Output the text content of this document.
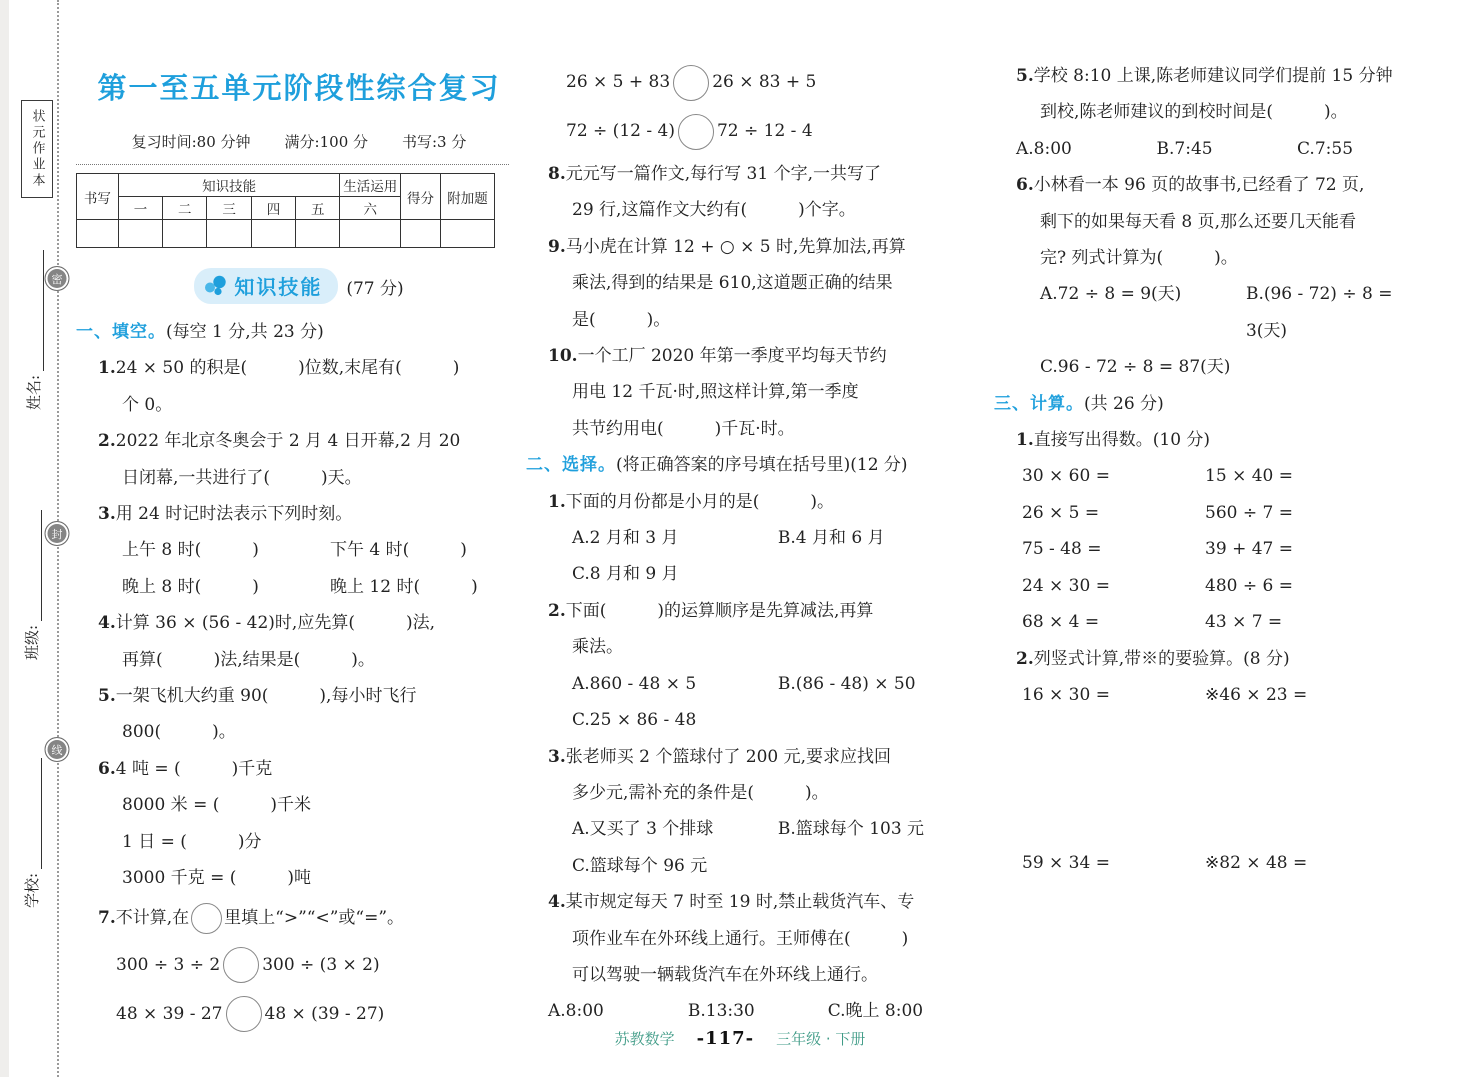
状元作业本
密
封
线
姓名:
班级:
学校:
第一至五单元阶段性综合复习
复习时间:80 分钟 满分:100 分 书写:3 分
书写	知识技能					生活运用	得分	附加题
	一	二	三	四	五	六		

知识技能 (77 分)
一、填空。(每空 1 分,共 23 分)
1.24 × 50 的积是(　　　)位数,末尾有(　　　)
个 0。
2.2022 年北京冬奥会于 2 月 4 日开幕,2 月 20
日闭幕,一共进行了(　　　)天。
3.用 24 时记时法表示下列时刻。
上午 8 时(　　　)	下午 4 时(　　　)
晚上 8 时(　　　)	晚上 12 时(　　　)
4.计算 36 × (56 - 42)时,应先算(　　　)法,
再算(　　　)法,结果是(　　　)。
5.一架飞机大约重 90(　　　),每小时飞行
800(　　　)。
6.4 吨 = (　　　)千克
8000 米 = (　　　)千米
1 日 = (　　　)分
3000 千克 = (　　　)吨
7. 不计算,在 里填上“>”“<”或“=”。
300 ÷ 3 ÷ 2 300 ÷ (3 × 2)
48 × 39 - 27 48 × (39 - 27)
26 × 5 + 83 26 × 83 + 5
72 ÷ (12 - 4) 72 ÷ 12 - 4
8.元元写一篇作文,每行写 31 个字,一共写了
29 行,这篇作文大约有(　　　)个字。
9.马小虎在计算 12 + ○ × 5 时,先算加法,再算
乘法,得到的结果是 610,这道题正确的结果
是(　　　)。
10.一个工厂 2020 年第一季度平均每天节约
用电 12 千瓦·时,照这样计算,第一季度
共节约用电(　　　)千瓦·时。
二、选择。(将正确答案的序号填在括号里)(12 分)
1.下面的月份都是小月的是(　　　)。
A.2 月和 3 月	B.4 月和 6 月
C.8 月和 9 月
2.下面(　　　)的运算顺序是先算减法,再算
乘法。
A.860 - 48 × 5	B.(86 - 48) × 50
C.25 × 86 - 48
3.张老师买 2 个篮球付了 200 元,要求应找回
多少元,需补充的条件是(　　　)。
A.又买了 3 个排球	B.篮球每个 103 元
C.篮球每个 96 元
4.某市规定每天 7 时至 19 时,禁止载货汽车、专
项作业车在外环线上通行。王师傅在(　　　)
可以驾驶一辆载货汽车在外环线上通行。
A.8:00	B.13:30	C.晚上 8:00
5.学校 8:10 上课,陈老师建议同学们提前 15 分钟
到校,陈老师建议的到校时间是(　　　)。
A.8:00	B.7:45	C.7:55
6.小林看一本 96 页的故事书,已经看了 72 页,
剩下的如果每天看 8 页,那么还要几天能看
完? 列式计算为(　　　)。
A.72 ÷ 8 = 9(天)	B.(96 - 72) ÷ 8 = 3(天)
C.96 - 72 ÷ 8 = 87(天)
三、计算。(共 26 分)
1.直接写出得数。(10 分)
30 × 60 =	15 × 40 =
26 × 5 =	560 ÷ 7 =
75 - 48 =	39 + 47 =
24 × 30 =	480 ÷ 6 =
68 × 4 =	43 × 7 =
2.列竖式计算,带※的要验算。(8 分)
16 × 30 =	※46 × 23 =
59 × 34 =	※82 × 48 =
苏教数学 -117- 三年级 · 下册
